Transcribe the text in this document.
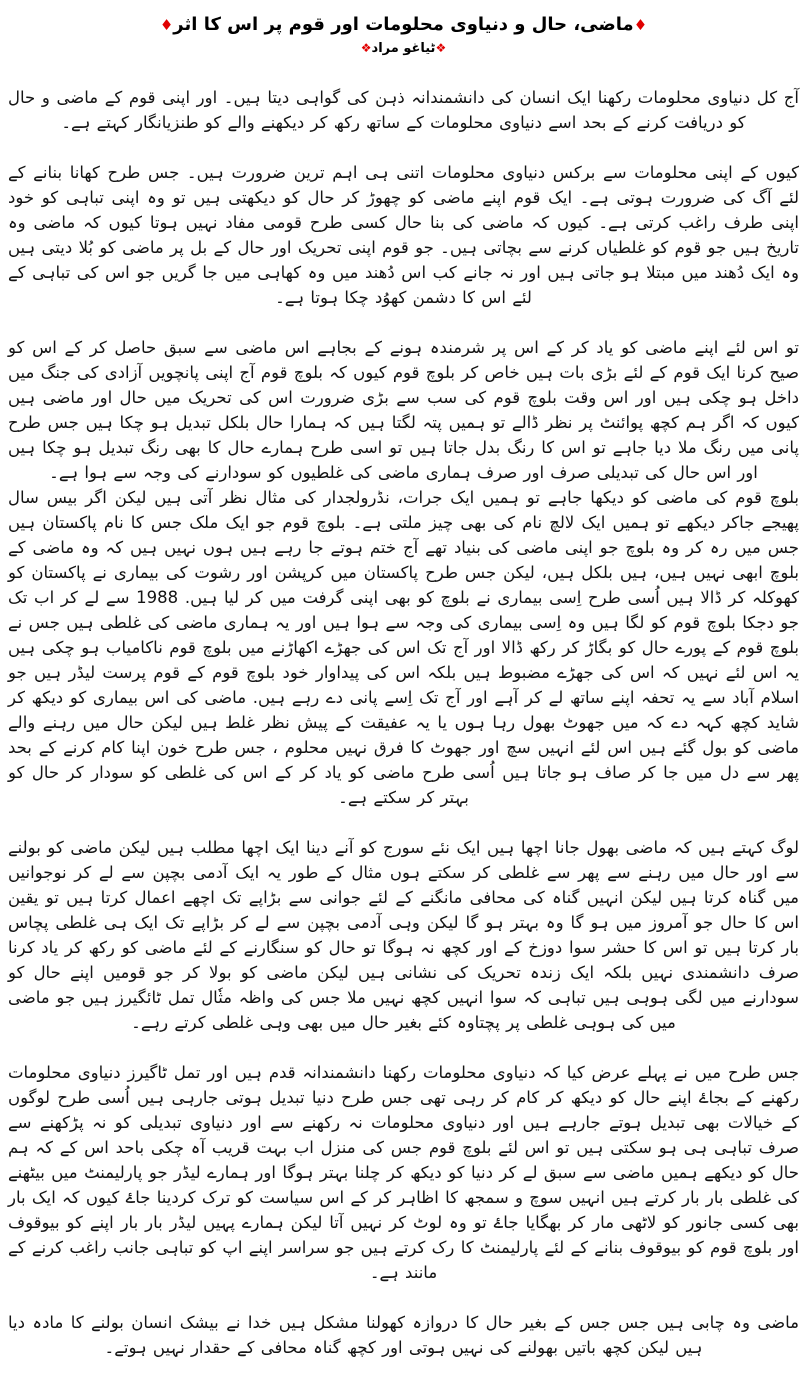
♦ماضی، حال و دنیاوی محلومات اور قوم پر اس کا اثر♦
❖ٹیاغو مراد❖

آج کل دنیاوی محلومات رکھنا ایک انسان کی دانشمندانہ ذہن کی گواہی دیتا ہیں۔ اور اپنی قوم کے ماضی و حال کو دریافت کرنے کے بحد اسے دنیاوی محلومات کے ساتھ رکھ کر دیکھنے والے کو طنزیانگار کہتے ہے۔

کیوں کے اپنی محلومات سے برکس دنیاوی محلومات اتنی ہی اہم ترین ضرورت ہیں۔ جس طرح کھانا بنانے کے لئے آگ کی ضرورت ہوتی ہے۔ ایک قوم اپنے ماضی کو چھوڑ کر حال کو دیکھتی ہیں تو وہ اپنی تباہی کو خود اپنی طرف راغب کرتی ہے۔ کیوں کہ ماضی کی بنا حال کسی طرح قومی مفاد نہیں ہوتا کیوں کہ ماضی وہ تاریخ ہیں جو قوم کو غلطیاں کرنے سے بچاتی ہیں۔ جو قوم اپنی تحریک اور حال کے بل پر ماضی کو بُلا دیتی ہیں وہ ایک دُھند میں مبتلا ہو جاتی ہیں اور نہ جانے کب اس دُھند میں وہ کھاہی میں جا گریں جو اس کی تباہی کے لئے اس کا دشمن کھوُد چکا ہوتا ہے۔

تو اس لئے اپنے ماضی کو یاد کر کے اس پر شرمندہ ہونے کے بجاہے اس ماضی سے سبق حاصل کر کے اس کو صیح کرنا ایک قوم کے لئے بڑی بات ہیں خاص کر بلوچ قوم کیوں کہ بلوچ قوم آج اپنی پانچویں آزادی کی جنگ میں داخل ہو چکی ہیں اور اس وقت بلوچ قوم کی سب سے بڑی ضرورت اس کی تحریک میں حال اور ماضی ہیں کیوں کہ اگر ہم کچھ پوائنٹ پر نظر ڈالے تو ہمیں پتہ لگتا ہیں کہ ہمارا حال بلکل تبدیل ہو چکا ہیں جس طرح پانی میں رنگ ملا دیا جاہے تو اس کا رنگ بدل جاتا ہیں تو اسی طرح ہمارے حال کا بھی رنگ تبدیل ہو چکا ہیں اور اس حال کی تبدیلی صرف اور صرف ہماری ماضی کی غلطیوں کو سودارنے کی وجہ سے ہوا ہے۔

بلوچ قوم کی ماضی کو دیکھا جاہے تو ہمیں ایک جرات، نڈرولجدار کی مثال نظر آتی ہیں لیکن اگر بیس سال پھیجے جاکر دیکھے تو ہمیں ایک لالچ نام کی بھی چیز ملتی ہے۔ بلوچ قوم جو ایک ملک جس کا نام پاکستان ہیں جس میں رہ کر وہ بلوچ جو اپنی ماضی کی بنیاد تھے آج ختم ہوتے جا رہے ہیں ہوں نہیں ہیں کہ وہ ماضی کے بلوچ ابھی نہیں ہیں، ہیں بلکل ہیں، لیکن جس طرح پاکستان میں کرپشن اور رشوت کی بیماری نے پاکستان کو کھوکلہ کر ڈالا ہیں اُسی طرح اِسی بیماری نے بلوچ کو بھی اپنی گرفت میں کر لیا ہیں. 1988 سے لے کر اب تک جو دجکا بلوچ قوم کو لگا ہیں وہ اِسی بیماری کی وجہ سے ہوا ہیں اور یہ ہماری ماضی کی غلطی ہیں جس نے بلوچ قوم کے پورے حال کو بگاڑ کر رکھ ڈالا اور آج تک اس کی جھڑے اکھاڑنے میں بلوچ قوم ناکامیاب ہو چکی ہیں یہ اس لئے نہیں کہ اس کی جھڑے مضبوط ہیں بلکہ اس کی پیداوار خود بلوچ قوم کے قوم پرست لیڈر ہیں جو اسلام آباد سے یہ تحفہ اپنے ساتھ لے کر آہے اور آج تک اِسے پانی دے رہے ہیں. ماضی کی اس بیماری کو دیکھ کر شاید کچھ کہہ دے کہ میں جھوٹ بھول رہا ہوں یا یہ عفیقت کے پیش نظر غلط ہیں لیکن حال میں رہنے والے ماضی کو بول گئے ہیں اس لئے انہیں سچ اور جھوٹ کا فرق نہیں محلوم ، جس طرح خون اپنا کام کرنے کے بحد پھر سے دل میں جا کر صاف ہو جاتا ہیں اُسی طرح ماضی کو یاد کر کے اس کی غلطی کو سودار کر حال کو بہتر کر سکتے ہے۔

لوگ کہتے ہیں کہ ماضی بھول جانا اچھا ہیں ایک نئے سورج کو آنے دینا ایک اچھا مطلب ہیں لیکن ماضی کو بولنے سے اور حال میں رہنے سے پھر سے غلطی کر سکتے ہوں مثال کے طور یہ ایک آدمی بچپن سے لے کر نوجوانیں میں گناہ کرتا ہیں لیکن انہیں گناہ کی محافی مانگنے کے لئے جوانی سے بڑاپے تک اچھے اعمال کرتا ہیں تو یقین اس کا حال جو آمروز میں ہو گا وہ بہتر ہو گا لیکن وہی آدمی بچپن سے لے کر بڑاپے تک ایک ہی غلطی پچاس بار کرتا ہیں تو اس کا حشر سوا دوزخ کے اور کچھ نہ ہوگا تو حال کو سنگارنے کے لئے ماضی کو رکھ کر یاد کرنا صرف دانشمندی نہیں بلکہ ایک زندہ تحریک کی نشانی ہیں لیکن ماضی کو بولا کر جو قومیں اپنے حال کو سودارنے میں لگی ہوہی ہیں تباہی کہ سوا انہیں کچھ نہیں ملا جس کی واظہ مثٗال تمل ٹائگیرز ہیں جو ماضی میں کی ہوہی غلطی پر پچتاوہ کئے بغیر حال میں بھی وہی غلطی کرتے رہے۔

جس طرح میں نے پہلے عرض کیا کہ دنیاوی محلومات رکھنا دانشمندانہ قدم ہیں اور تمل ٹاگیرز دنیاوی محلومات رکھنے کے بجاۓ اپنے حال کو دیکھ کر کام کر رہی تھی جس طرح دنیا تبدیل ہوتی جارہی ہیں اُسی طرح لوگوں کے خیالات بھی تبدیل ہوتے جارہے ہیں اور دنیاوی محلومات نہ رکھنے سے اور دنیاوی تبدیلی کو نہ پڑکھنے سے صرف تباہی ہی ہو سکتی ہیں تو اس لئے بلوچ قوم جس کی منزل اب بہت قریب آہ چکی باحد اس کے کہ ہم حال کو دیکھے ہمیں ماضی سے سبق لے کر دنیا کو دیکھ کر چلنا بہتر ہوگا اور ہمارے لیڈر جو پارلیمنٹ میں بیٹھنے کی غلطی بار بار کرتے ہیں انہیں سوچ و سمجھ کا اظاہر کر کے اس سیاست کو ترک کردینا جاۓ کیوں کہ ایک بار بھی کسی جانور کو لاٹھی مار کر بھگایا جاۓ تو وہ لوٹ کر نہیں آتا لیکن ہمارے پہیں لیڈر بار بار اپنے کو بیوقوف اور بلوچ قوم کو بیوقوف بنانے کے لئے پارلیمنٹ کا رک کرتے ہیں جو سراسر اپنے اپ کو تباہی جانب راغب کرنے کے مانند ہے۔

ماضی وہ چابی ہیں جس جس کے بغیر حال کا دروازہ کھولنا مشکل ہیں خدا نے بیشک انسان بولنے کا مادہ دیا ہیں لیکن کچھ باتیں بھولنے کی نہیں ہوتی اور کچھ گناہ محافی کے حقدار نہیں ہوتے۔
